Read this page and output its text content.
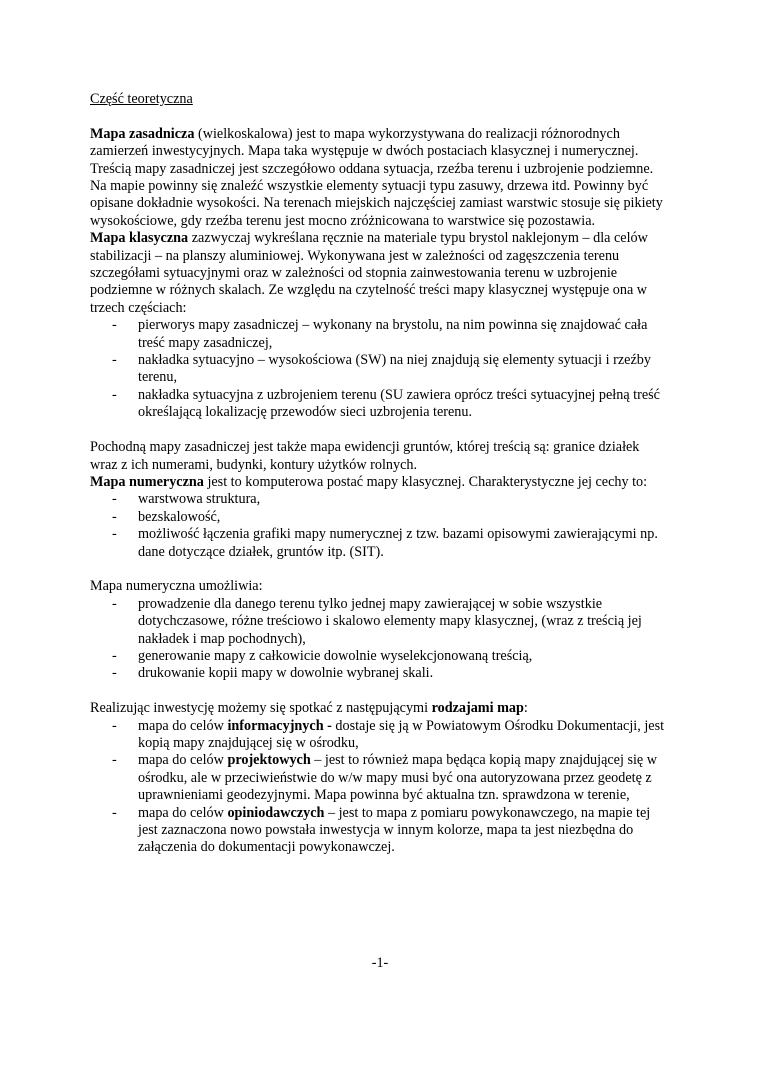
Część teoretyczna

Mapa zasadnicza (wielkoskalowa) jest to mapa wykorzystywana do realizacji różnorodnych zamierzeń inwestycyjnych. Mapa taka występuje w dwóch postaciach klasycznej i numerycznej. Treścią mapy zasadniczej jest szczegółowo oddana sytuacja, rzeźba terenu i uzbrojenie podziemne. Na mapie powinny się znaleźć wszystkie elementy sytuacji typu zasuwy, drzewa itd. Powinny być opisane dokładnie wysokości. Na terenach miejskich najczęściej zamiast warstwic stosuje się pikiety wysokościowe, gdy rzeźba terenu jest mocno zróżnicowana to warstwice się pozostawia.

Mapa klasyczna zazwyczaj wykreślana ręcznie na materiale typu brystol naklejonym – dla celów stabilizacji – na planszy aluminiowej. Wykonywana jest w zależności od zagęszczenia terenu szczegółami sytuacyjnymi oraz w zależności od stopnia zainwestowania terenu w uzbrojenie podziemne w różnych skalach. Ze względu na czytelność treści mapy klasycznej występuje ona w trzech częściach:

- pierworys mapy zasadniczej – wykonany na brystolu, na nim powinna się znajdować cała treść mapy zasadniczej,
- nakładka sytuacyjno – wysokościowa (SW) na niej znajdują się elementy sytuacji i rzeźby terenu,
- nakładka sytuacyjna z uzbrojeniem terenu (SU zawiera oprócz treści sytuacyjnej pełną treść określającą lokalizację przewodów sieci uzbrojenia terenu.

Pochodną mapy zasadniczej jest także mapa ewidencji gruntów, której treścią są: granice działek wraz z ich numerami, budynki, kontury użytków rolnych.

Mapa numeryczna jest to komputerowa postać mapy klasycznej. Charakterystyczne jej cechy to:

- warstwowa struktura,
- bezskalowość,
- możliwość łączenia grafiki mapy numerycznej z tzw. bazami opisowymi zawierającymi np. dane dotyczące działek, gruntów itp. (SIT).

Mapa numeryczna umożliwia:

- prowadzenie dla danego terenu tylko jednej mapy zawierającej w sobie wszystkie dotychczasowe, różne treściowo i skalowo elementy mapy klasycznej, (wraz z treścią jej nakładek i map pochodnych),
- generowanie mapy z całkowicie dowolnie wyselekcjonowaną treścią,
- drukowanie kopii mapy w dowolnie wybranej skali.

Realizując inwestycję możemy się spotkać z następującymi rodzajami map:

- mapa do celów informacyjnych - dostaje się ją w Powiatowym Ośrodku Dokumentacji, jest kopią mapy znajdującej się w ośrodku,
- mapa do celów projektowych – jest to również mapa będąca kopią mapy znajdującej się w ośrodku, ale w przeciwieństwie do w/w mapy musi być ona autoryzowana przez geodetę z uprawnieniami geodezyjnymi. Mapa powinna być aktualna tzn. sprawdzona w terenie,
- mapa do celów opiniodawczych – jest to mapa z pomiaru powykonawczego, na mapie tej jest zaznaczona nowo powstała inwestycja w innym kolorze, mapa ta jest niezbędna do załączenia do dokumentacji powykonawczej.
-1-
